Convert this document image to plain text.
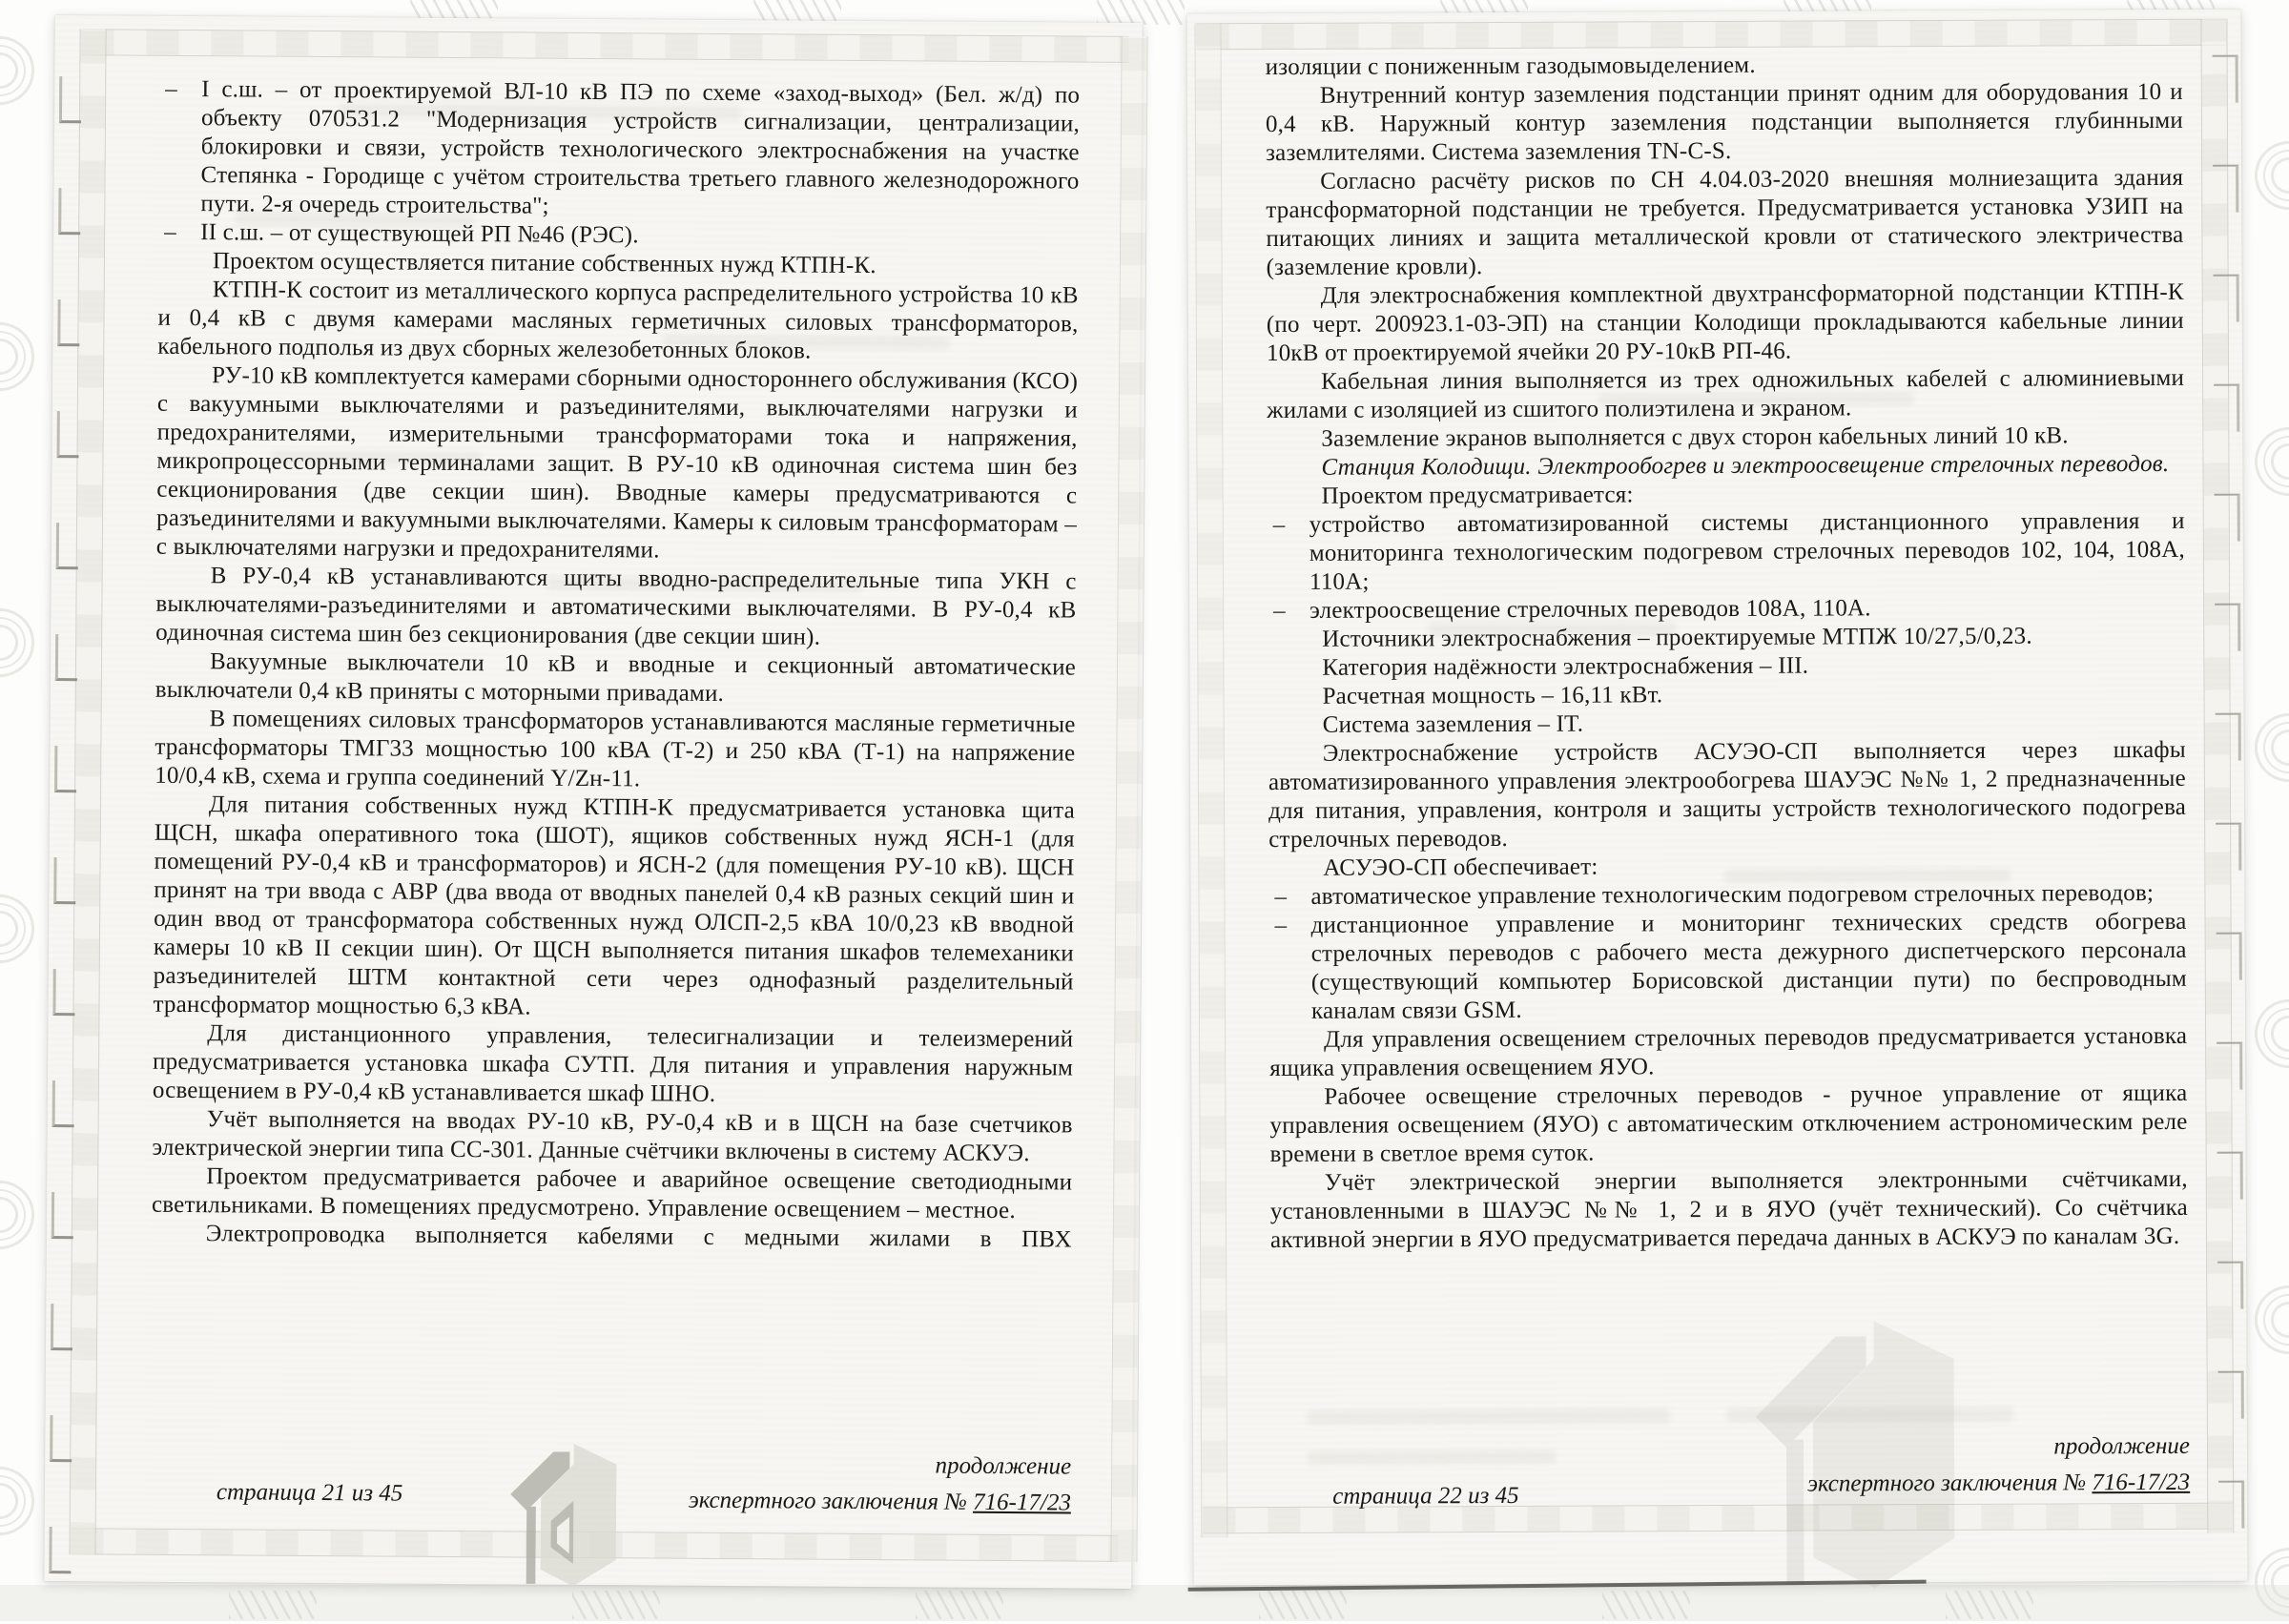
– I с.ш. – от проектируемой ВЛ-10 кВ ПЭ по схеме «заход-выход» (Бел. ж/д) по объекту 070531.2 "Модернизация устройств сигнализации, централизации, блокировки и связи, устройств технологического электроснабжения на участке Степянка - Городище с учётом строительства третьего главного железнодорожного пути. 2-я очередь строительства";
– II с.ш. – от существующей РП №46 (РЭС).

Проектом осуществляется питание собственных нужд КТПН-К.

КТПН-К состоит из металлического корпуса распределительного устройства 10 кВ и 0,4 кВ с двумя камерами масляных герметичных силовых трансформаторов, кабельного подполья из двух сборных железобетонных блоков.

РУ-10 кВ комплектуется камерами сборными одностороннего обслуживания (КСО) с вакуумными выключателями и разъединителями, выключателями нагрузки и предохранителями, измерительными трансформаторами тока и напряжения, микропроцессорными терминалами защит. В РУ-10 кВ одиночная система шин без секционирования (две секции шин). Вводные камеры предусматриваются с разъединителями и вакуумными выключателями. Камеры к силовым трансформаторам – с выключателями нагрузки и предохранителями.

В РУ-0,4 кВ устанавливаются щиты вводно-распределительные типа УКН с выключателями-разъединителями и автоматическими выключателями. В РУ-0,4 кВ одиночная система шин без секционирования (две секции шин).

Вакуумные выключатели 10 кВ и вводные и секционный автоматические выключатели 0,4 кВ приняты с моторными привадами.

В помещениях силовых трансформаторов устанавливаются масляные герметичные трансформаторы ТМГ33 мощностью 100 кВА (Т-2) и 250 кВА (Т-1) на напряжение 10/0,4 кВ, схема и группа соединений Y/Zн-11.

Для питания собственных нужд КТПН-К предусматривается установка щита ЩСН, шкафа оперативного тока (ШОТ), ящиков собственных нужд ЯСН-1 (для помещений РУ-0,4 кВ и трансформаторов) и ЯСН-2 (для помещения РУ-10 кВ). ЩСН принят на три ввода с АВР (два ввода от вводных панелей 0,4 кВ разных секций шин и один ввод от трансформатора собственных нужд ОЛСП-2,5 кВА 10/0,23 кВ вводной камеры 10 кВ II секции шин). От ЩСН выполняется питания шкафов телемеханики разъединителей ШТМ контактной сети через однофазный разделительный трансформатор мощностью 6,3 кВА.

Для дистанционного управления, телесигнализации и телеизмерений предусматривается установка шкафа СУТП. Для питания и управления наружным освещением в РУ-0,4 кВ устанавливается шкаф ШНО.

Учёт выполняется на вводах РУ-10 кВ, РУ-0,4 кВ и в ЩСН на базе счетчиков электрической энергии типа СС-301. Данные счётчики включены в систему АСКУЭ.

Проектом предусматривается рабочее и аварийное освещение светодиодными светильниками. В помещениях предусмотрено. Управление освещением – местное.

Электропроводка выполняется кабелями с медными жилами в ПВХ

страница 21 из 45
продолжение
экспертного заключения № 716-17/23

изоляции с пониженным газодымовыделением.

Внутренний контур заземления подстанции принят одним для оборудования 10 и 0,4 кВ. Наружный контур заземления подстанции выполняется глубинными заземлителями. Система заземления TN-C-S.

Согласно расчёту рисков по СН 4.04.03-2020 внешняя молниезащита здания трансформаторной подстанции не требуется. Предусматривается установка УЗИП на питающих линиях и защита металлической кровли от статического электричества (заземление кровли).

Для электроснабжения комплектной двухтрансформаторной подстанции КТПН-К (по черт. 200923.1-03-ЭП) на станции Колодищи прокладываются кабельные линии 10кВ от проектируемой ячейки 20 РУ-10кВ РП-46.

Кабельная линия выполняется из трех одножильных кабелей с алюминиевыми жилами с изоляцией из сшитого полиэтилена и экраном.

Заземление экранов выполняется с двух сторон кабельных линий 10 кВ.

Станция Колодищи. Электрообогрев и электроосвещение стрелочных переводов.

Проектом предусматривается:

– устройство автоматизированной системы дистанционного управления и мониторинга технологическим подогревом стрелочных переводов 102, 104, 108А, 110А;
– электроосвещение стрелочных переводов 108А, 110А.

Источники электроснабжения – проектируемые МТПЖ 10/27,5/0,23.

Категория надёжности электроснабжения – III.

Расчетная мощность – 16,11 кВт.

Система заземления – IT.

Электроснабжение устройств АСУЭО-СП выполняется через шкафы автоматизированного управления электрообогрева ШАУЭС №№ 1, 2 предназначенные для питания, управления, контроля и защиты устройств технологического подогрева стрелочных переводов.

АСУЭО-СП обеспечивает:

– автоматическое управление технологическим подогревом стрелочных переводов;
– дистанционное управление и мониторинг технических средств обогрева стрелочных переводов с рабочего места дежурного диспетчерского персонала (существующий компьютер Борисовской дистанции пути) по беспроводным каналам связи GSM.

Для управления освещением стрелочных переводов предусматривается установка ящика управления освещением ЯУО.

Рабочее освещение стрелочных переводов - ручное управление от ящика управления освещением (ЯУО) с автоматическим отключением астрономическим реле времени в светлое время суток.

Учёт электрической энергии выполняется электронными счётчиками, установленными в ШАУЭС №№ 1, 2 и в ЯУО (учёт технический). Со счётчика активной энергии в ЯУО предусматривается передача данных в АСКУЭ по каналам 3G.

страница 22 из 45
продолжение
экспертного заключения № 716-17/23
